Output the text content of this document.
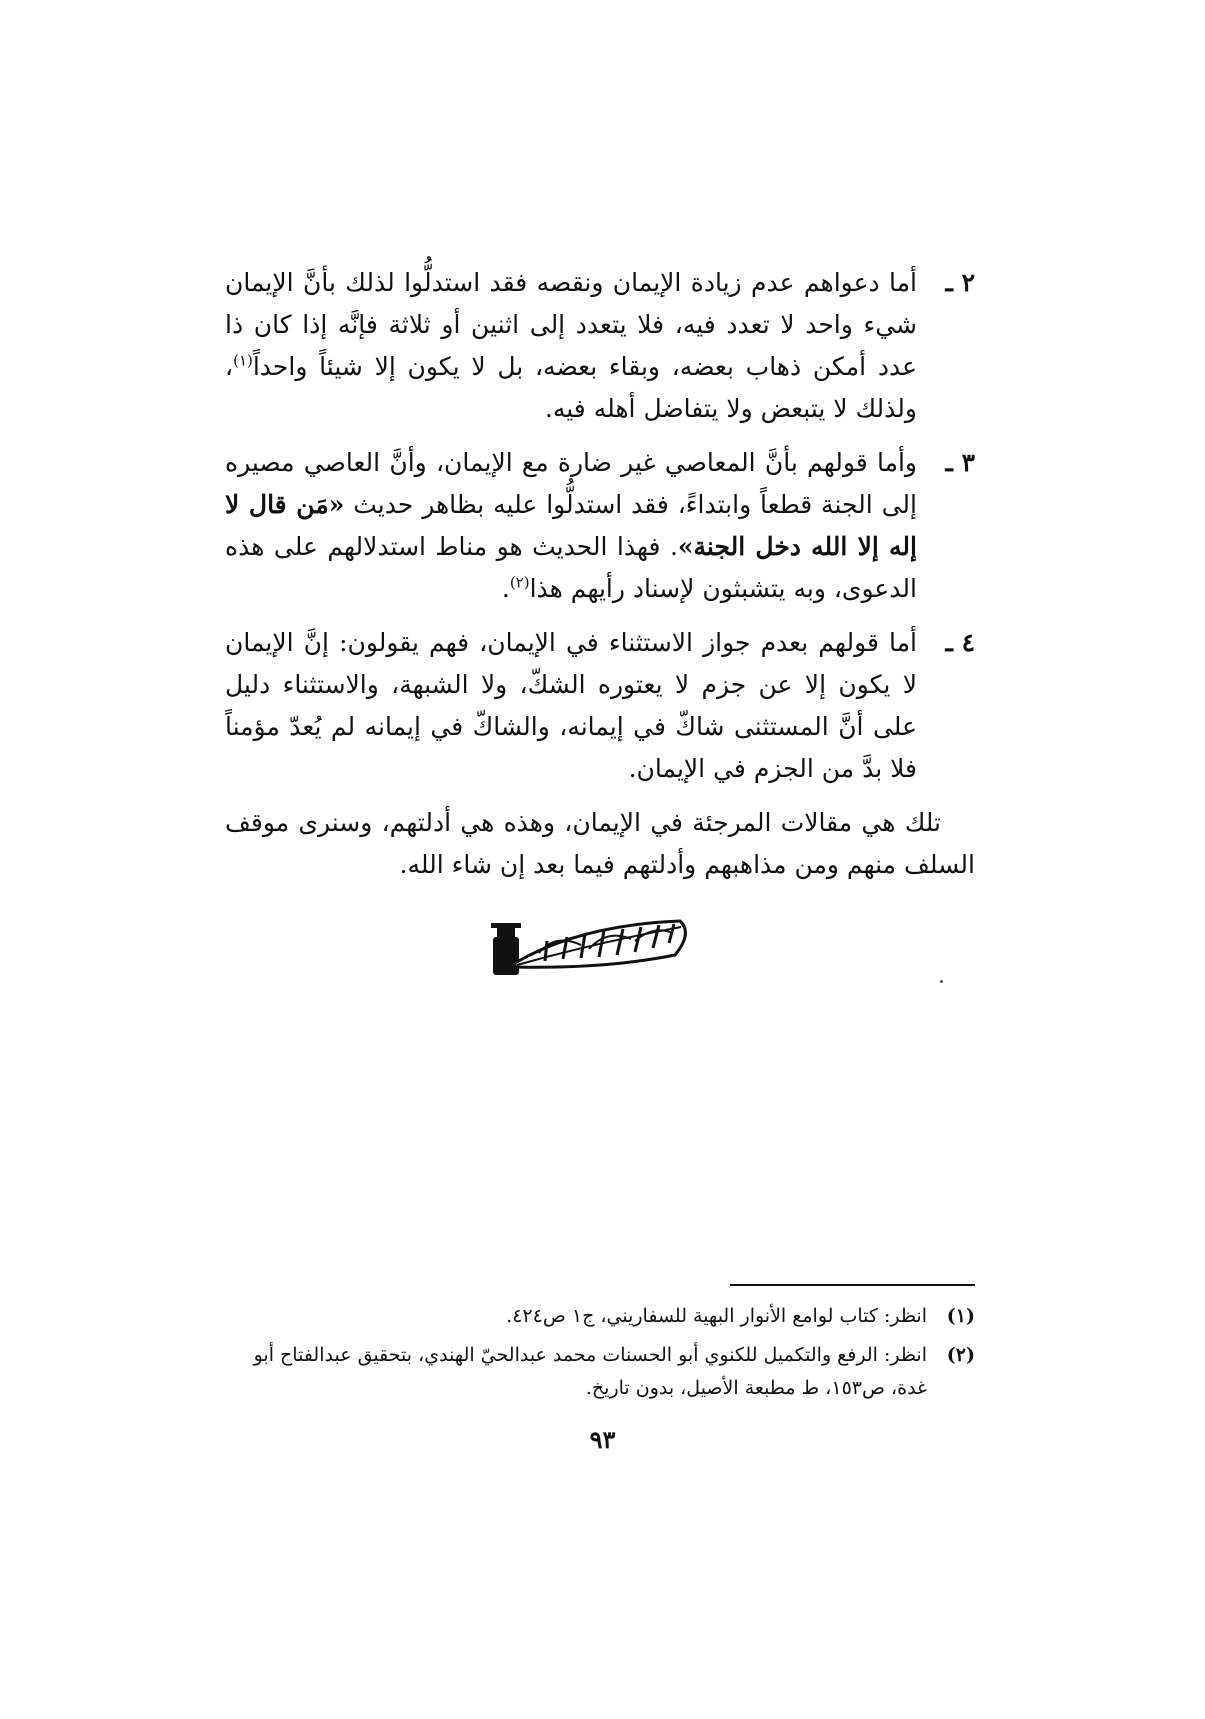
٢ ـ
أما دعواهم عدم زيادة الإيمان ونقصه فقد استدلُّوا لذلك بأنَّ الإيمان شيء واحد لا تعدد فيه، فلا يتعدد إلى اثنين أو ثلاثة فإنَّه إذا كان ذا عدد أمكن ذهاب بعضه، وبقاء بعضه، بل لا يكون إلا شيئاً واحداً$^{(١)}$، ولذلك لا يتبعض ولا يتفاضل أهله فيه.
٣ ـ
وأما قولهم بأنَّ المعاصي غير ضارة مع الإيمان، وأنَّ العاصي مصيره إلى الجنة قطعاً وابتداءً، فقد استدلُّوا عليه بظاهر حديث «مَن قال لا إله إلا الله دخل الجنة». فهذا الحديث هو مناط استدلالهم على هذه الدعوى، وبه يتشبثون لإسناد رأيهم هذا$^{(٢)}$.
٤ ـ
أما قولهم بعدم جواز الاستثناء في الإيمان، فهم يقولون: إنَّ الإيمان لا يكون إلا عن جزم لا يعتوره الشكّ، ولا الشبهة، والاستثناء دليل على أنَّ المستثنى شاكّ في إيمانه، والشاكّ في إيمانه لم يُعدّ مؤمناً فلا بدَّ من الجزم في الإيمان.

تلك هي مقالات المرجئة في الإيمان، وهذه هي أدلتهم، وسنرى موقف السلف منهم ومن مذاهبهم وأدلتهم فيما بعد إن شاء الله.

(١)
انظر: كتاب لوامع الأنوار البهية للسفاريني، ج١ ص٤٢٤.
(٢)
انظر: الرفع والتكميل للكنوي أبو الحسنات محمد عبدالحيّ الهندي، بتحقيق عبدالفتاح أبو غدة، ص١٥٣، ط مطبعة الأصيل، بدون تاريخ.
٩٣
